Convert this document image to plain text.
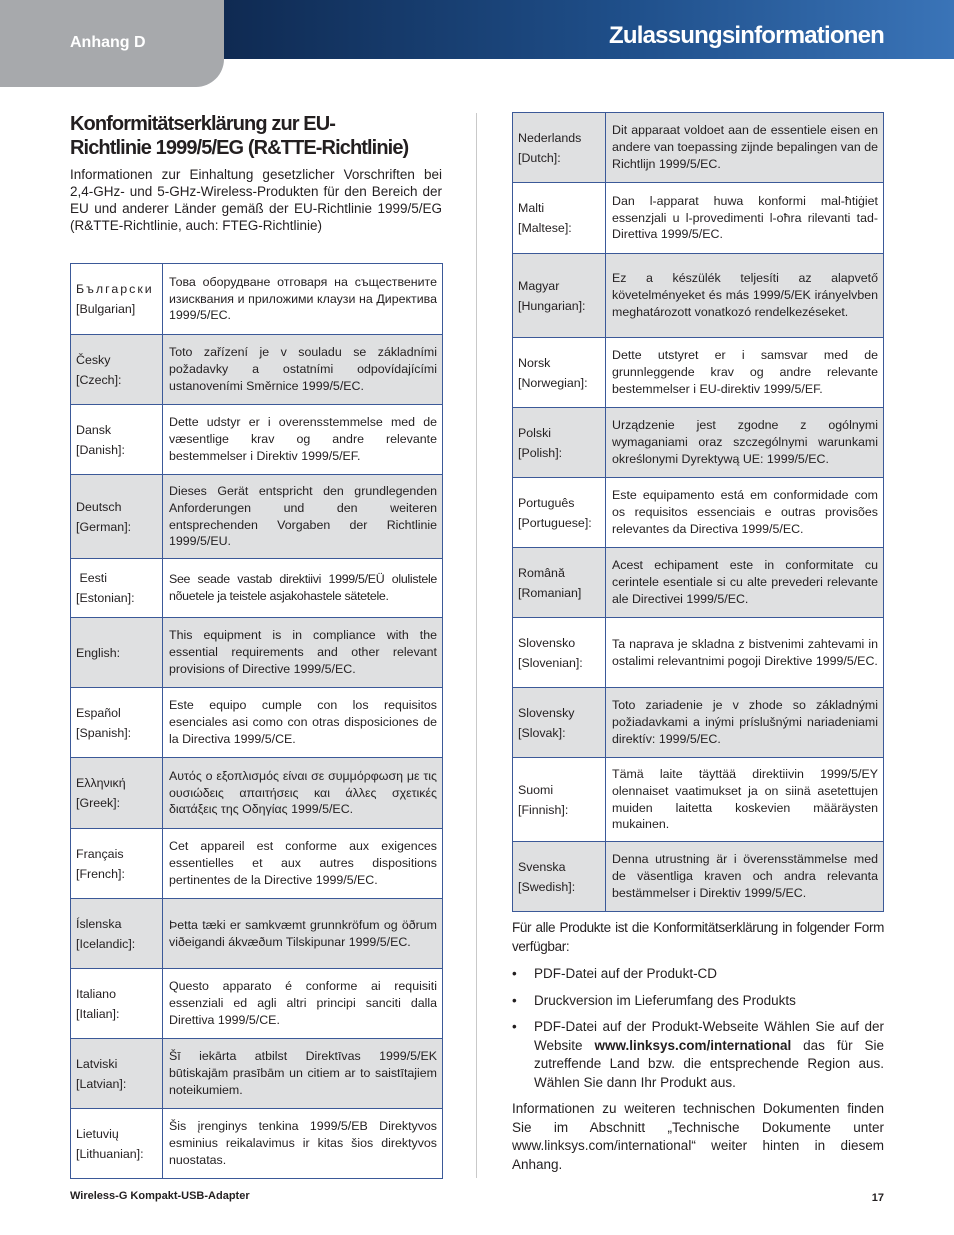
Anhang D	Zulassungsinformationen
Konformitätserklärung zur EU-
Richtlinie 1999/5/EG (R&TTE-Richtlinie)

Informationen zur Einhaltung gesetzlicher Vorschriften bei 2,4-GHz- und 5-GHz-Wireless-Produkten für den Bereich der EU und anderer Länder gemäß der EU-Richtlinie 1999/5/EG (R&TTE-Richtlinie, auch: FTEG-Richtlinie)

Български
[Bulgarian]	Това оборудване отговаря на съществените изисквания и приложими клаузи на Директива 1999/5/ЕС.
Česky
[Czech]:	Toto zařízení je v souladu se základními požadavky a ostatními odpovídajícími ustanoveními Směrnice 1999/5/EC.
Dansk
[Danish]:	Dette udstyr er i overensstemmelse med de væsentlige krav og andre relevante bestemmelser i Direktiv 1999/5/EF.
Deutsch
[German]:	Dieses Gerät entspricht den grundlegenden Anforderungen und den weiteren entsprechenden Vorgaben der Richtlinie 1999/5/EU.
Eesti
[Estonian]:	See seade vastab direktiivi 1999/5/EÜ olulistele nõuetele ja teistele asjakohastele sätetele.
English:	This equipment is in compliance with the essential requirements and other relevant provisions of Directive 1999/5/EC.
Español
[Spanish]:	Este equipo cumple con los requisitos esenciales asi como con otras disposiciones de la Directiva 1999/5/CE.
Ελληνική
[Greek]:	Αυτός ο εξοπλισμός είναι σε συμμόρφωση με τις ουσιώδεις απαιτήσεις και άλλες σχετικές διατάξεις της Οδηγίας 1999/5/EC.
Français
[French]:	Cet appareil est conforme aux exigences essentielles et aux autres dispositions pertinentes de la Directive 1999/5/EC.
Íslenska
[Icelandic]:	Þetta tæki er samkvæmt grunnkröfum og öðrum viðeigandi ákvæðum Tilskipunar 1999/5/EC.
Italiano
[Italian]:	Questo apparato é conforme ai requisiti essenziali ed agli altri principi sanciti dalla Direttiva 1999/5/CE.
Latviski
[Latvian]:	Šī iekārta atbilst Direktīvas 1999/5/EK būtiskajām prasībām un citiem ar to saistītajiem noteikumiem.
Lietuvių
[Lithuanian]:	Šis įrenginys tenkina 1999/5/EB Direktyvos esminius reikalavimus ir kitas šios direktyvos nuostatas.
Nederlands
[Dutch]:	Dit apparaat voldoet aan de essentiele eisen en andere van toepassing zijnde bepalingen van de Richtlijn 1999/5/EC.
Malti
[Maltese]:	Dan l-apparat huwa konformi mal-ħtiġiet essenzjali u l-provedimenti l-oħra rilevanti tad-Direttiva 1999/5/EC.
Magyar
[Hungarian]:	Ez a készülék teljesíti az alapvető követelményeket és más 1999/5/EK irányelvben meghatározott vonatkozó rendelkezéseket.
Norsk
[Norwegian]:	Dette utstyret er i samsvar med de grunnleggende krav og andre relevante bestemmelser i EU-direktiv 1999/5/EF.
Polski
[Polish]:	Urządzenie jest zgodne z ogólnymi wymaganiami oraz szczególnymi warunkami określonymi Dyrektywą UE: 1999/5/EC.
Português
[Portuguese]:	Este equipamento está em conformidade com os requisitos essenciais e outras provisões relevantes da Directiva 1999/5/EC.
Română
[Romanian]	Acest echipament este in conformitate cu cerintele esentiale si cu alte prevederi relevante ale Directivei 1999/5/EC.
Slovensko
[Slovenian]:	Ta naprava je skladna z bistvenimi zahtevami in ostalimi relevantnimi pogoji Direktive 1999/5/EC.
Slovensky
[Slovak]:	Toto zariadenie je v zhode so základnými požiadavkami a inými príslušnými nariadeniami direktív: 1999/5/EC.
Suomi
[Finnish]:	Tämä laite täyttää direktiivin 1999/5/EY olennaiset vaatimukset ja on siinä asetettujen muiden laitetta koskevien määräysten mukainen.
Svenska
[Swedish]:	Denna utrustning är i överensstämmelse med de väsentliga kraven och andra relevanta bestämmelser i Direktiv 1999/5/EC.

Für alle Produkte ist die Konformitätserklärung in folgender Form verfügbar:

• PDF-Datei auf der Produkt-CD
• Druckversion im Lieferumfang des Produkts
• PDF-Datei auf der Produkt-Webseite Wählen Sie auf der Website www.linksys.com/international das für Sie zutreffende Land bzw. die entsprechende Region aus. Wählen Sie dann Ihr Produkt aus.

Informationen zu weiteren technischen Dokumenten finden Sie im Abschnitt „Technische Dokumente unter www.linksys.com/international“ weiter hinten in diesem Anhang.

Wireless-G Kompakt-USB-Adapter	17
